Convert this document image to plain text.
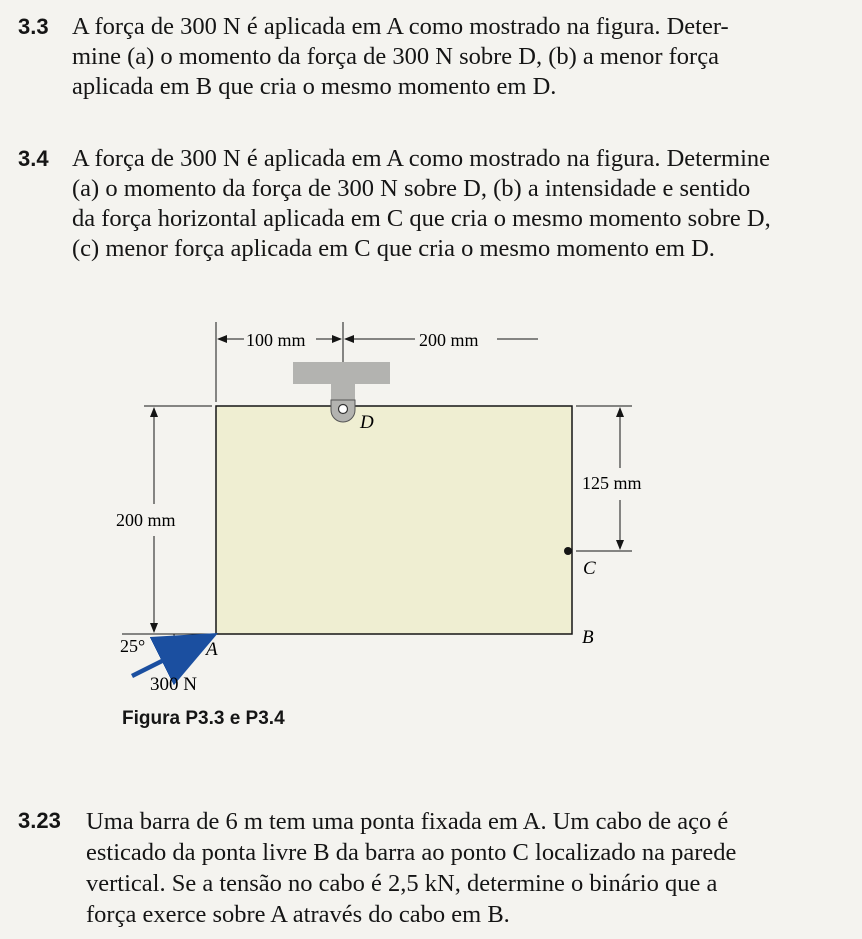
3.3 A força de 300 N é aplicada em A como mostrado na figura. Deter-
mine (a) o momento da força de 300 N sobre D, (b) a menor força
aplicada em B que cria o mesmo momento em D.
3.4 A força de 300 N é aplicada em A como mostrado na figura. Determine
(a) o momento da força de 300 N sobre D, (b) a intensidade e sentido
da força horizontal aplicada em C que cria o mesmo momento sobre D,
(c) menor força aplicada em C que cria o mesmo momento em D.
100 mm	200 mm
200 mm
125 mm
C
D
B
25°	A
300 N
Figura P3.3 e P3.4
3.23 Uma barra de 6 m tem uma ponta fixada em A. Um cabo de aço é
esticado da ponta livre B da barra ao ponto C localizado na parede
vertical. Se a tensão no cabo é 2,5 kN, determine o binário que a
força exerce sobre A através do cabo em B.
